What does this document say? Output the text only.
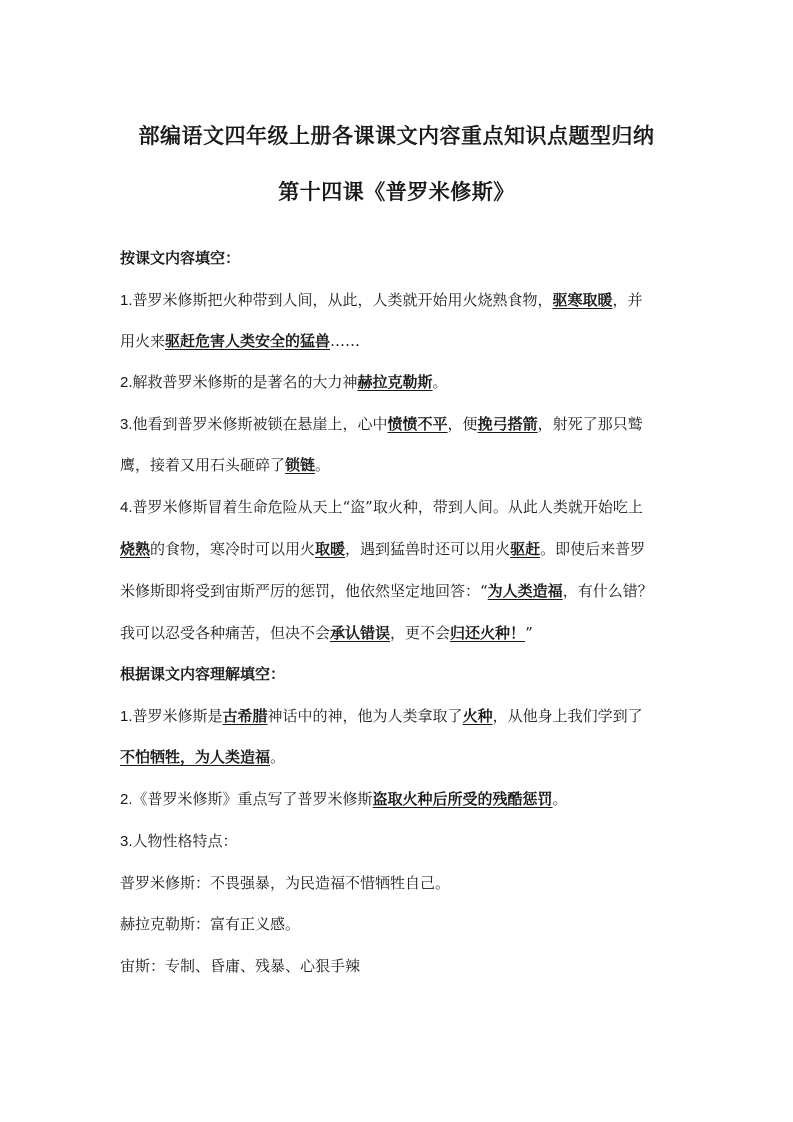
部编语文四年级上册各课课文内容重点知识点题型归纳
第十四课《普罗米修斯》

按课文内容填空：

1.普罗米修斯把火种带到人间，从此，人类就开始用火烧熟食物，驱寒取暖，并

用火来驱赶危害人类安全的猛兽……

2.解救普罗米修斯的是著名的大力神赫拉克勒斯。

3.他看到普罗米修斯被锁在悬崖上，心中愤愤不平，便挽弓搭箭，射死了那只鹫

鹰，接着又用石头砸碎了锁链。

4.普罗米修斯冒着生命危险从天上“盗”取火种，带到人间。从此人类就开始吃上

烧熟的食物，寒冷时可以用火取暖，遇到猛兽时还可以用火驱赶。即使后来普罗

米修斯即将受到宙斯严厉的惩罚，他依然坚定地回答：“为人类造福，有什么错？

我可以忍受各种痛苦，但决不会承认错误，更不会归还火种！”

根据课文内容理解填空：

1.普罗米修斯是古希腊神话中的神，他为人类拿取了火种，从他身上我们学到了

不怕牺牲，为人类造福。

2.《普罗米修斯》重点写了普罗米修斯盗取火种后所受的残酷惩罚。

3.人物性格特点：

普罗米修斯：不畏强暴，为民造福不惜牺牲自己。

赫拉克勒斯：富有正义感。

宙斯：专制、昏庸、残暴、心狠手辣
